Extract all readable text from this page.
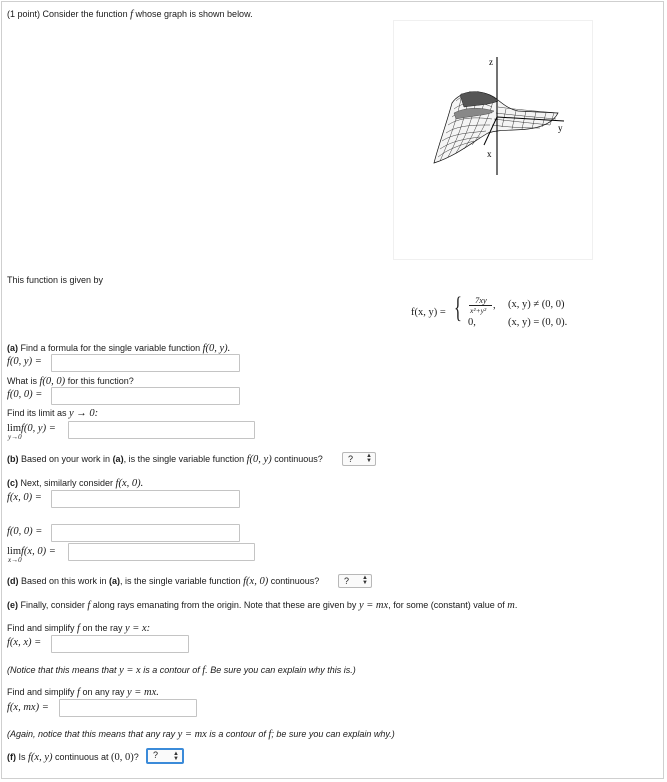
(1 point) Consider the function f whose graph is shown below.
z
x
y
This function is given by
f(x, y) = { 7xy
x²+y² , (x, y) ≠ (0, 0)
0,	(x, y) = (0, 0).
(a) Find a formula for the single variable function f(0, y).
f(0, y) =
What is f(0, 0) for this function?
f(0, 0) =
Find its limit as y → 0:
limf(0, y) =
y→0
(b) Based on your work in (a), is the single variable function f(0, y) continuous?	? ▲
▼
(c) Next, similarly consider f(x, 0).
f(x, 0) =
f(0, 0) =
limf(x, 0) =
x→0
(d) Based on this work in (a), is the single variable function f(x, 0) continuous?	? ▲
▼
(e) Finally, consider f along rays emanating from the origin. Note that these are given by y = mx, for some (constant) value of m.
Find and simplify f on the ray y = x:
f(x, x) =
(Notice that this means that y = x is a contour of f. Be sure you can explain why this is.)
Find and simplify f on any ray y = mx.
f(x, mx) =
(Again, notice that this means that any ray y = mx is a contour of f; be sure you can explain why.)
(f) Is f(x, y) continuous at (0, 0)?	?	▲
▼
